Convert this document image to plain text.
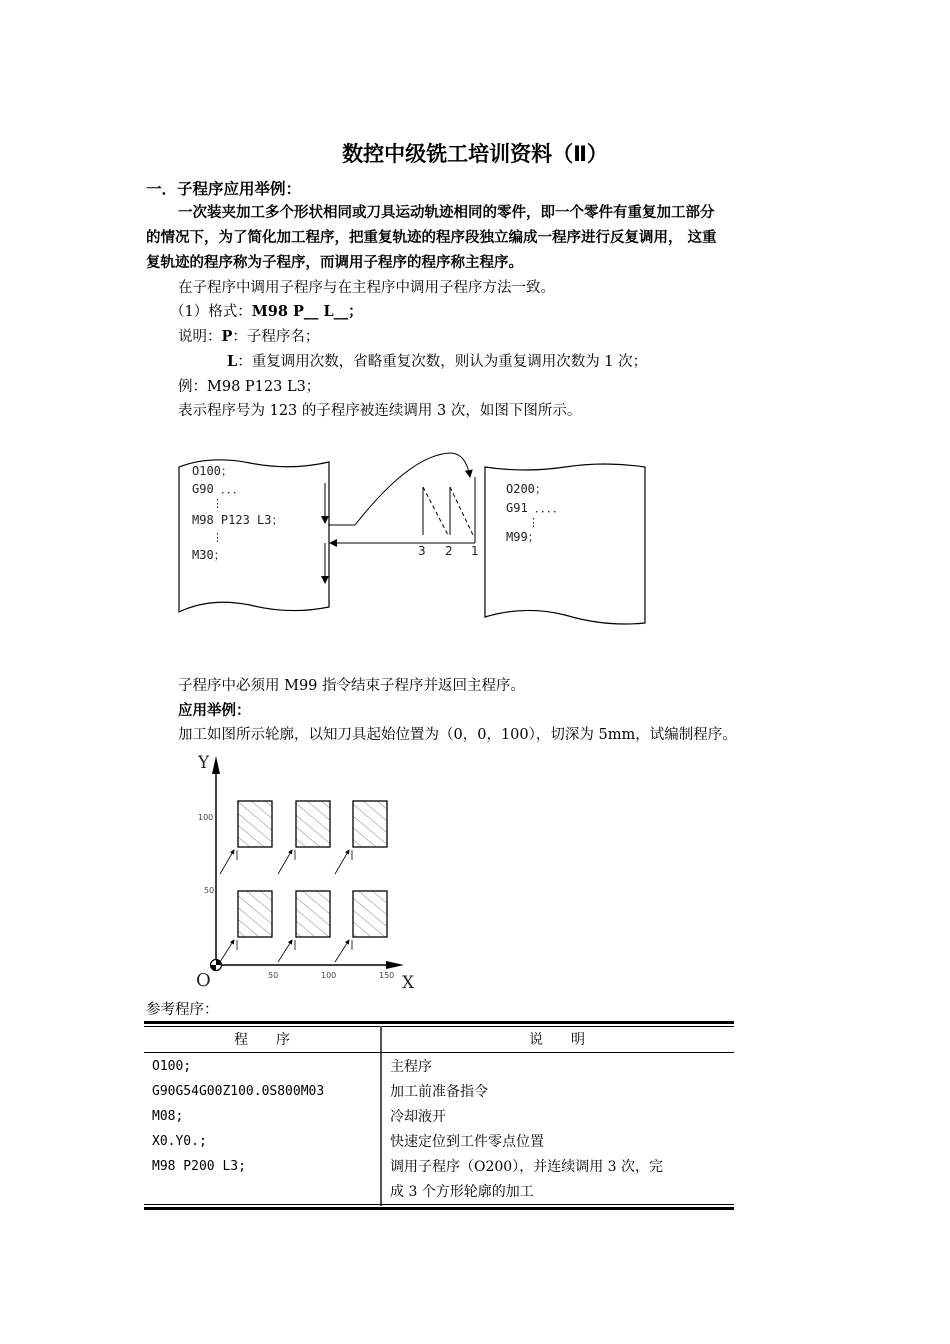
数控中级铣工培训资料（Ⅱ）
一．子程序应用举例：
一次装夹加工多个形状相同或刀具运动轨迹相同的零件，即一个零件有重复加工部分
的情况下，为了简化加工程序，把重复轨迹的程序段独立编成一程序进行反复调用， 这重
复轨迹的程序称为子程序，而调用子程序的程序称主程序。
在子程序中调用子程序与在主程序中调用子程序方法一致。
（1）格式：M98 P__ L__；
说明：P：子程序名；
L：重复调用次数，省略重复次数，则认为重复调用次数为 1 次；
例：M98 P123 L3；
表示程序号为 123 的子程序被连续调用 3 次，如图下图所示。
O100；
G90 ．．．
⋮
M98 P123 L3；
⋮
M30；
O200；
G91 ．．．．
⋮
M99；
3 2 1
子程序中必须用 M99 指令结束子程序并返回主程序。
应用举例：
加工如图所示轮廓，以知刀具起始位置为（0，0，100），切深为 5mm，试编制程序。
Y
X
O
100
50
50	100	150
参考程序：
程　　序	说　　明
O100;	主程序
G90G54G00Z100.0S800M03	加工前准备指令
M08;	冷却液开
X0.Y0.;	快速定位到工件零点位置
M98 P200 L3;	调用子程序（O200），并连续调用 3 次，完
成 3 个方形轮廓的加工
